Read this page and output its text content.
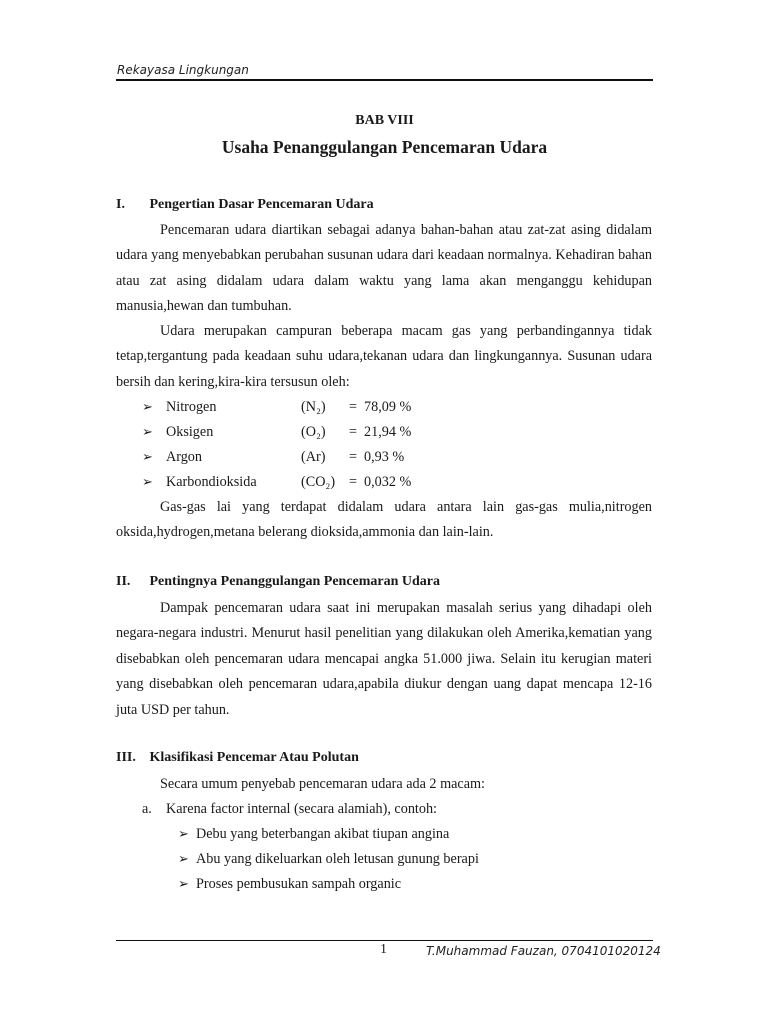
Rekayasa Lingkungan
BAB VIII
Usaha Penanggulangan Pencemaran Udara
I. Pengertian Dasar Pencemaran Udara

Pencemaran udara diartikan sebagai adanya bahan-bahan atau zat-zat asing didalam udara yang menyebabkan perubahan susunan udara dari keadaan normalnya. Kehadiran bahan atau zat asing didalam udara dalam waktu yang lama akan menganggu kehidupan manusia,hewan dan tumbuhan.

Udara merupakan campuran beberapa macam gas yang perbandingannya tidak tetap,tergantung pada keadaan suhu udara,tekanan udara dan lingkungannya. Susunan udara bersih dan kering,kira-kira tersusun oleh:

➢ Nitrogen	(N₂) = 78,09 %
➢ Oksigen	(O₂) = 21,94 %
➢ Argon	(Ar) = 0,93 %
➢ Karbondioksida	(CO₂) = 0,032 %

Gas-gas lai yang terdapat didalam udara antara lain gas-gas mulia,nitrogen oksida,hydrogen,metana belerang dioksida,ammonia dan lain-lain.

II. Pentingnya Penanggulangan Pencemaran Udara

Dampak pencemaran udara saat ini merupakan masalah serius yang dihadapi oleh negara-negara industri. Menurut hasil penelitian yang dilakukan oleh Amerika,kematian yang disebabkan oleh pencemaran udara mencapai angka 51.000 jiwa. Selain itu kerugian materi yang disebabkan oleh pencemaran udara,apabila diukur dengan uang dapat mencapa 12-16 juta USD per tahun.

III. Klasifikasi Pencemar Atau Polutan
Secara umum penyebab pencemaran udara ada 2 macam:
a. Karena factor internal (secara alamiah), contoh:
➢ Debu yang beterbangan akibat tiupan angina
➢ Abu yang dikeluarkan oleh letusan gunung berapi
➢ Proses pembusukan sampah organic
1	T.Muhammad Fauzan, 0704101020124
